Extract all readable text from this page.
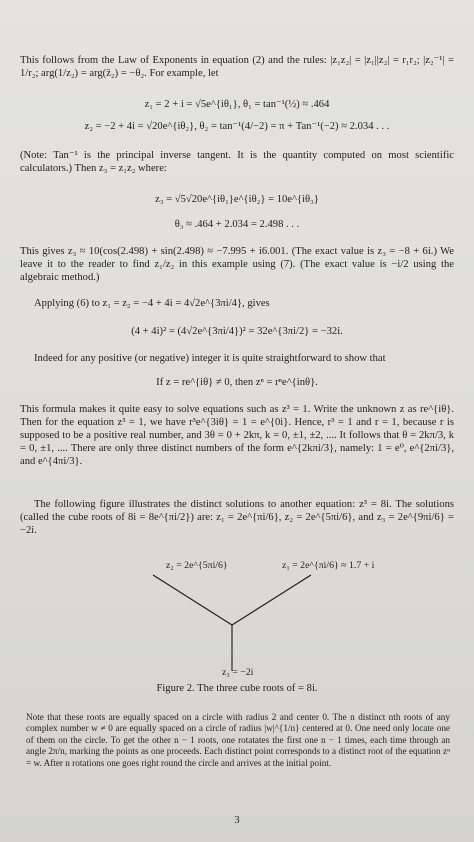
This follows from the Law of Exponents in equation (2) and the rules: |z₁z₂| = |z₁||z₂| = r₁r₂; |z₂⁻¹| = 1/r₂; arg(1/z₂) = arg(z̄₂) = −θ₂. For example, let

z₁ = 2 + i = √5e^{iθ₁}, θ₁ = tan⁻¹(½) ≈ .464

z₂ = −2 + 4i = √20e^{iθ₂}, θ₂ = tan⁻¹(4/−2) = π + Tan⁻¹(−2) ≈ 2.034 . . .

(Note: Tan⁻¹ is the principal inverse tangent. It is the quantity computed on most scientific calculators.) Then z₃ = z₁z₂ where:

z₃ = √5√20e^{iθ₁}e^{iθ₂} = 10e^{iθ₃}

θ₃ ≈ .464 + 2.034 = 2.498 . . .

This gives z₃ ≈ 10(cos(2.498) + sin(2.498) ≈ −7.995 + i6.001. (The exact value is z₃ = −8 + 6i.) We leave it to the reader to find z₁/z₂ in this example using (7). (The exact value is −i/2 using the algebraic method.)

Applying (6) to z₁ = z₂ = −4 + 4i = 4√2e^{3πi/4}, gives

(4 + 4i)² = (4√2e^{3πi/4})² = 32e^{3πi/2} = −32i.

Indeed for any positive (or negative) integer it is quite straightforward to show that

If z = re^{iθ} ≠ 0, then zⁿ = rⁿe^{inθ}.

This formula makes it quite easy to solve equations such as z³ = 1. Write the unknown z as re^{iθ}. Then for the equation z³ = 1, we have r³e^{3iθ} = 1 = e^{0i}. Hence, r³ = 1 and r = 1, because r is supposed to be a positive real number, and 3θ = 0 + 2kπ, k = 0, ±1, ±2, .... It follows that θ = 2kπ/3, k = 0, ±1, .... There are only three distinct numbers of the form e^{2kπi/3}, namely: 1 = e⁰, e^{2πi/3}, and e^{4πi/3}.

The following figure illustrates the distinct solutions to another equation: z³ = 8i. The solutions (called the cube roots of 8i = 8e^{πi/2}) are: z₁ = 2e^{πi/6}, z₂ = 2e^{5πi/6}, and z₃ = 2e^{9πi/6} = −2i.

z₂ = 2e^{5πi/6}	z₁ = 2e^{πi/6} ≈ 1.7 + i

z₃ = −2i

Figure 2. The three cube roots of = 8i.

Note that these roots are equally spaced on a circle with radius 2 and center 0. The n distinct nth roots of any complex number w ≠ 0 are equally spaced on a circle of radius |w|^{1/n} centered at 0. One need only locate one of them on the circle. To get the other n − 1 roots, one rotatates the first one n − 1 times, each time through an angle 2π/n, marking the points as one proceeds. Each distinct point corresponds to a distinct root of the equation zⁿ = w. After n rotations one goes right round the circle and arrives at the initial point.

3
